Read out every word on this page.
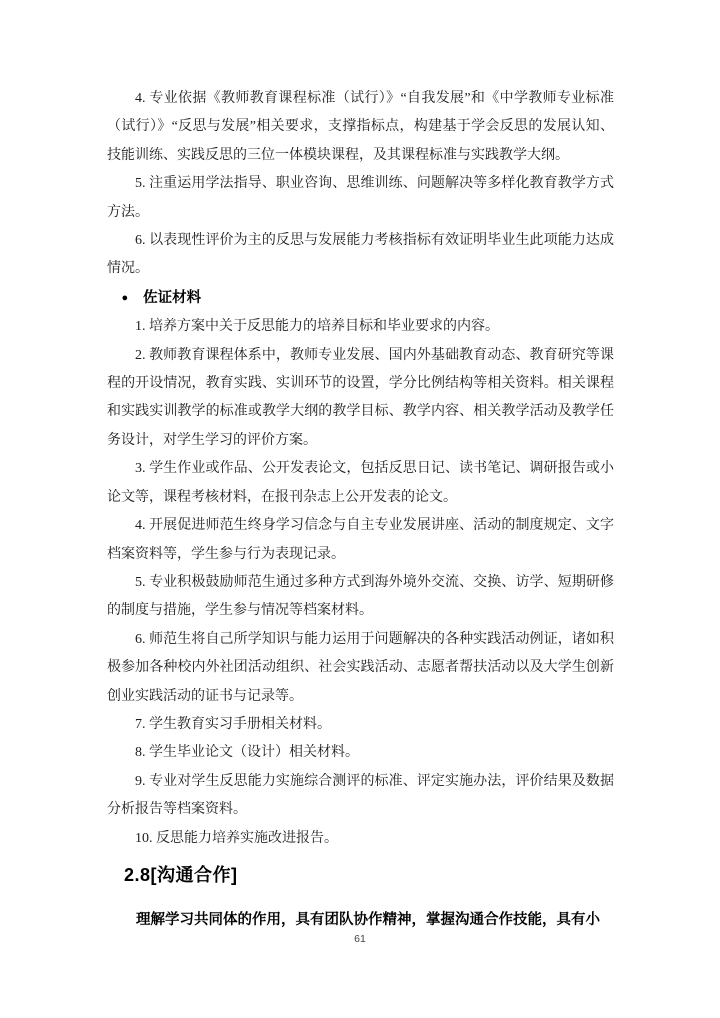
4. 专业依据《教师教育课程标准（试行）》“自我发展”和《中学教师专业标准（试行）》“反思与发展”相关要求，支撑指标点，构建基于学会反思的发展认知、技能训练、实践反思的三位一体模块课程，及其课程标准与实践教学大纲。

5. 注重运用学法指导、职业咨询、思维训练、问题解决等多样化教育教学方式方法。

6. 以表现性评价为主的反思与发展能力考核指标有效证明毕业生此项能力达成情况。

● 佐证材料

1. 培养方案中关于反思能力的培养目标和毕业要求的内容。

2. 教师教育课程体系中，教师专业发展、国内外基础教育动态、教育研究等课程的开设情况，教育实践、实训环节的设置，学分比例结构等相关资料。相关课程和实践实训教学的标准或教学大纲的教学目标、教学内容、相关教学活动及教学任务设计，对学生学习的评价方案。

3. 学生作业或作品、公开发表论文，包括反思日记、读书笔记、调研报告或小论文等，课程考核材料，在报刊杂志上公开发表的论文。

4. 开展促进师范生终身学习信念与自主专业发展讲座、活动的制度规定、文字档案资料等，学生参与行为表现记录。

5. 专业积极鼓励师范生通过多种方式到海外境外交流、交换、访学、短期研修的制度与措施，学生参与情况等档案材料。

6. 师范生将自己所学知识与能力运用于问题解决的各种实践活动例证，诸如积极参加各种校内外社团活动组织、社会实践活动、志愿者帮扶活动以及大学生创新创业实践活动的证书与记录等。

7. 学生教育实习手册相关材料。

8. 学生毕业论文（设计）相关材料。

9. 专业对学生反思能力实施综合测评的标准、评定实施办法，评价结果及数据分析报告等档案资料。

10. 反思能力培养实施改进报告。

2.8[沟通合作]

理解学习共同体的作用，具有团队协作精神，掌握沟通合作技能，具有小

61
